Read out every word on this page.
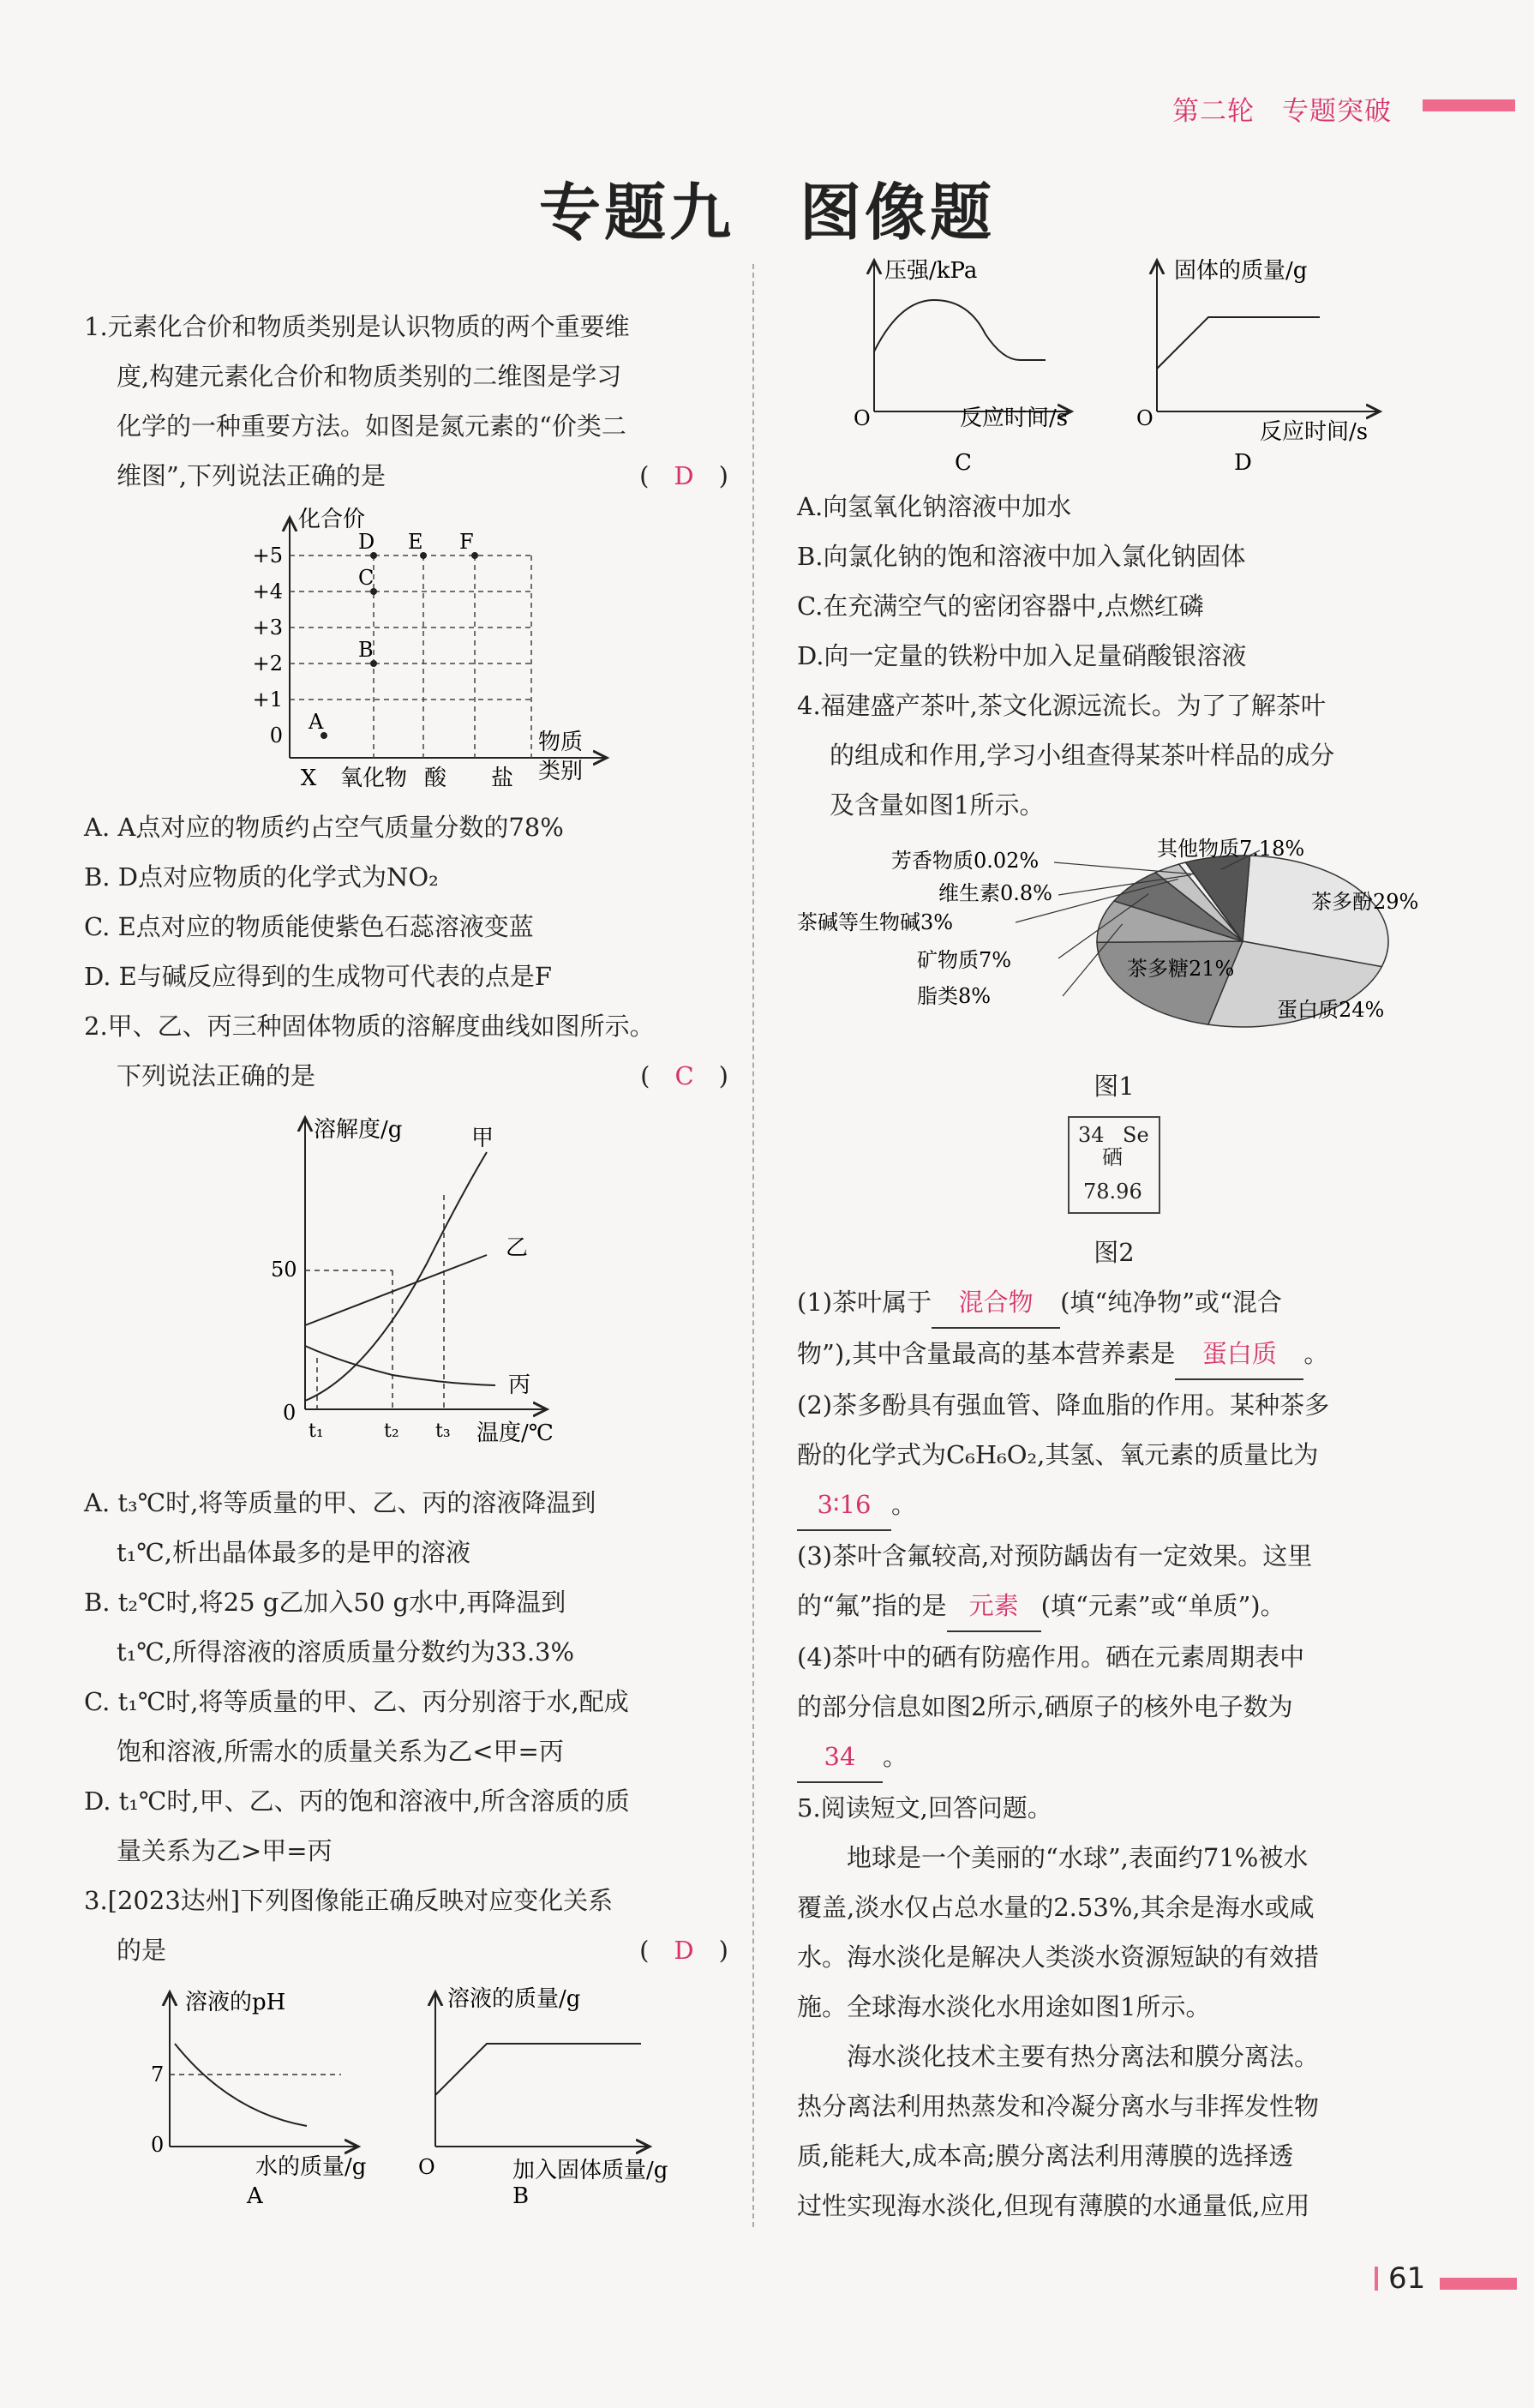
第二轮　专题突破
专题九　图像题

1.元素化合价和物质类别是认识物质的两个重要维

度,构建元素化合价和物质类别的二维图是学习

化学的一种重要方法。如图是氮元素的“价类二

维图”,下列说法正确的是	(　D　)

化合价
+5
+4
+3
+2
+1
0
X 氧化物 酸 盐
A
B
C
D E F
物质
类别

A. A点对应的物质约占空气质量分数的78%

B. D点对应物质的化学式为NO₂

C. E点对应的物质能使紫色石蕊溶液变蓝

D. E与碱反应得到的生成物可代表的点是F

2.甲、乙、丙三种固体物质的溶解度曲线如图所示。

下列说法正确的是	(　C　)

溶解度/g
0
50
甲
乙
丙
t₁	t₂ t₃ 温度/℃

A. t₃℃时,将等质量的甲、乙、丙的溶液降温到

t₁℃,析出晶体最多的是甲的溶液

B. t₂℃时,将25 g乙加入50 g水中,再降温到

t₁℃,所得溶液的溶质质量分数约为33.3%

C. t₁℃时,将等质量的甲、乙、丙分别溶于水,配成

饱和溶液,所需水的质量关系为乙<甲=丙

D. t₁℃时,甲、乙、丙的饱和溶液中,所含溶质的质

量关系为乙>甲=丙

3.[2023达州]下列图像能正确反映对应变化关系

的是	(　D　)

溶液的pH
7
0
水的质量/g
A
溶液的质量/g
O	加入固体质量/g
B
压强/kPa
O	反应时间/s
C
固体的质量/g
O
反应时间/s
D

A.向氢氧化钠溶液中加水

B.向氯化钠的饱和溶液中加入氯化钠固体

C.在充满空气的密闭容器中,点燃红磷

D.向一定量的铁粉中加入足量硝酸银溶液

4.福建盛产茶叶,茶文化源远流长。为了了解茶叶

的组成和作用,学习小组查得某茶叶样品的成分

及含量如图1所示。

茶多酚29%
蛋白质24%
茶多糖21%
脂类8%
矿物质7%
茶碱等生物碱3%
维生素0.8%
芳香物质0.02%	其他物质7.18%

图1

34 Se
硒
78.96

图2

(1)茶叶属于 混合物 (填“纯净物”或“混合

物”),其中含量最高的基本营养素是 蛋白质 。

(2)茶多酚具有强血管、降血脂的作用。某种茶多

酚的化学式为C₆H₆O₂,其氢、氧元素的质量比为

3∶16 。

(3)茶叶含氟较高,对预防龋齿有一定效果。这里

的“氟”指的是 元素 (填“元素”或“单质”)。

(4)茶叶中的硒有防癌作用。硒在元素周期表中

的部分信息如图2所示,硒原子的核外电子数为

34 。

5.阅读短文,回答问题。

地球是一个美丽的“水球”,表面约71%被水

覆盖,淡水仅占总水量的2.53%,其余是海水或咸

水。海水淡化是解决人类淡水资源短缺的有效措

施。全球海水淡化水用途如图1所示。

海水淡化技术主要有热分离法和膜分离法。

热分离法利用热蒸发和冷凝分离水与非挥发性物

质,能耗大,成本高;膜分离法利用薄膜的选择透

过性实现海水淡化,但现有薄膜的水通量低,应用

61
